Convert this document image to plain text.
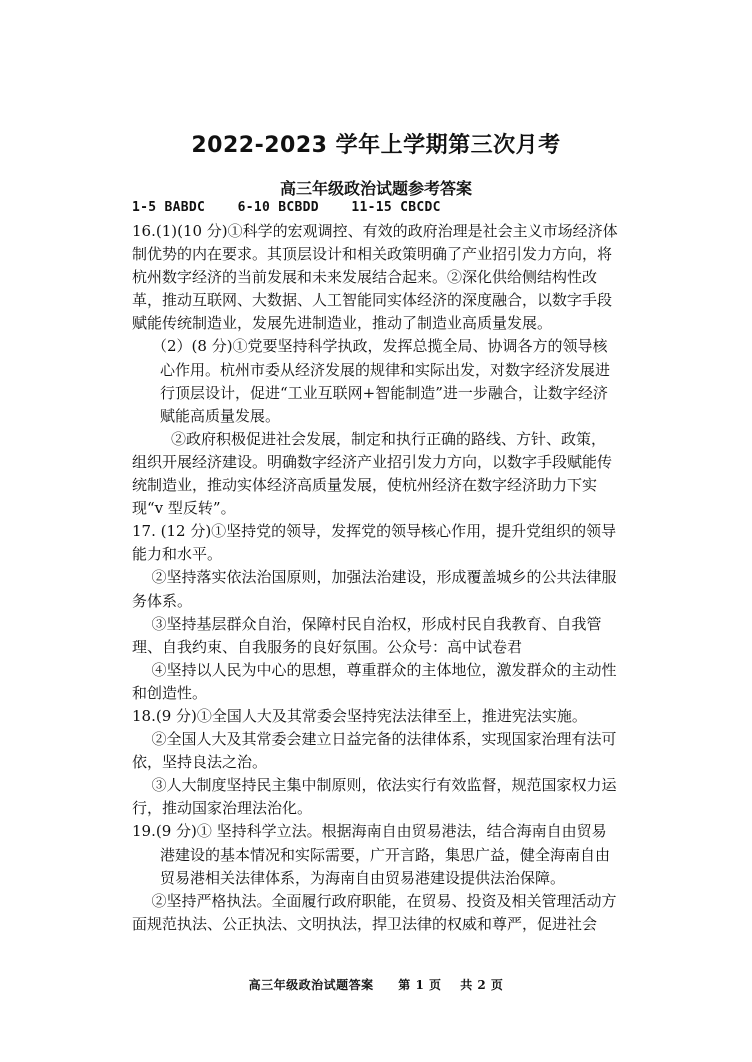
2022-2023 学年上学期第三次月考
高三年级政治试题参考答案
1-5 BABDC    6-10 BCBDD    11-15 CBCDC

16.(1)(10 分)①科学的宏观调控、有效的政府治理是社会主义市场经济体制优势的内在要求。其顶层设计和相关政策明确了产业招引发力方向，将杭州数字经济的当前发展和未来发展结合起来。②深化供给侧结构性改革，推动互联网、大数据、人工智能同实体经济的深度融合，以数字手段赋能传统制造业，发展先进制造业，推动了制造业高质量发展。

（2）(8 分)①党要坚持科学执政，发挥总揽全局、协调各方的领导核心作用。杭州市委从经济发展的规律和实际出发，对数字经济发展进行顶层设计，促进“工业互联网+智能制造”进一步融合，让数字经济赋能高质量发展。

②政府积极促进社会发展，制定和执行正确的路线、方针、政策，组织开展经济建设。明确数字经济产业招引发力方向，以数字手段赋能传统制造业，推动实体经济高质量发展，使杭州经济在数字经济助力下实现“v 型反转”。

17. (12 分)①坚持党的领导，发挥党的领导核心作用，提升党组织的领导能力和水平。

②坚持落实依法治国原则，加强法治建设，形成覆盖城乡的公共法律服务体系。

③坚持基层群众自治，保障村民自治权，形成村民自我教育、自我管理、自我约束、自我服务的良好氛围。公众号：高中试卷君

④坚持以人民为中心的思想，尊重群众的主体地位，激发群众的主动性和创造性。

18.(9 分)①全国人大及其常委会坚持宪法法律至上，推进宪法实施。

②全国人大及其常委会建立日益完备的法律体系，实现国家治理有法可依，坚持良法之治。

③人大制度坚持民主集中制原则，依法实行有效监督，规范国家权力运行，推动国家治理法治化。

19.(9 分)① 坚持科学立法。根据海南自由贸易港法，结合海南自由贸易港建设的基本情况和实际需要，广开言路，集思广益，健全海南自由贸易港相关法律体系，为海南自由贸易港建设提供法治保障。

②坚持严格执法。全面履行政府职能，在贸易、投资及相关管理活动方面规范执法、公正执法、文明执法，捍卫法律的权威和尊严，促进社会

高三年级政治试题答案 第 1 页    共 2 页
